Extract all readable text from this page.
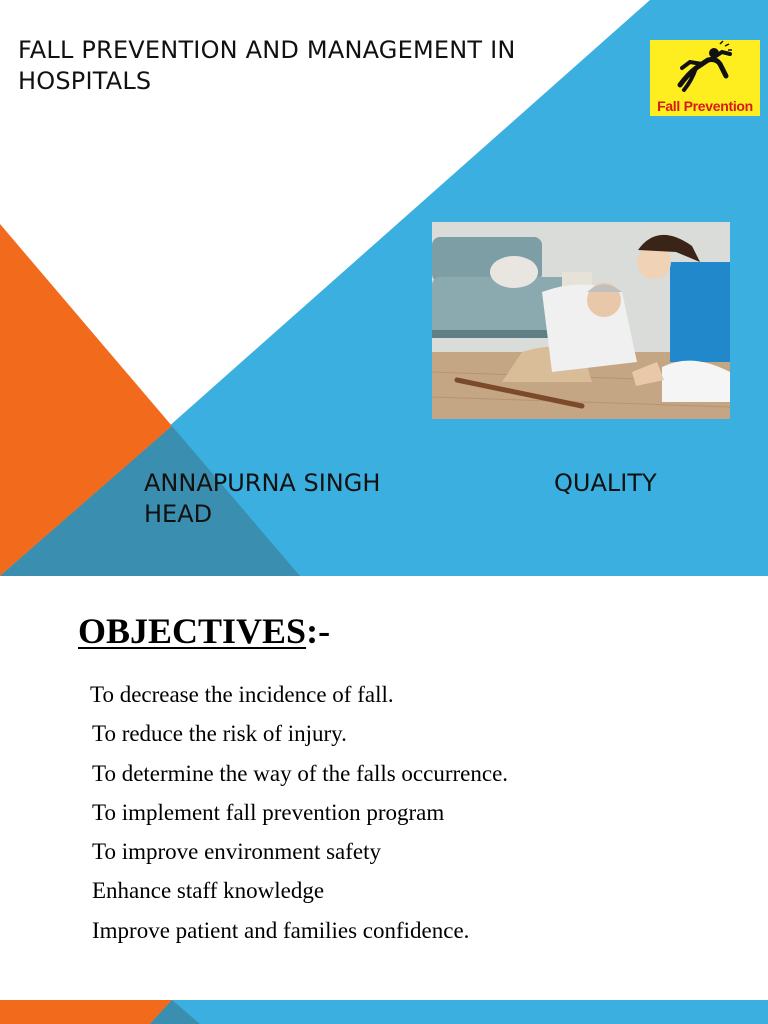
FALL PREVENTION AND MANAGEMENT IN HOSPITALS
Fall Prevention
ANNAPURNA SINGH	QUALITY HEAD
OBJECTIVES:-
To decrease the incidence of fall.
To reduce the risk of injury.
To determine the way of the falls occurrence.
To implement fall prevention program
To improve environment safety
Enhance staff knowledge
Improve patient and families confidence.
